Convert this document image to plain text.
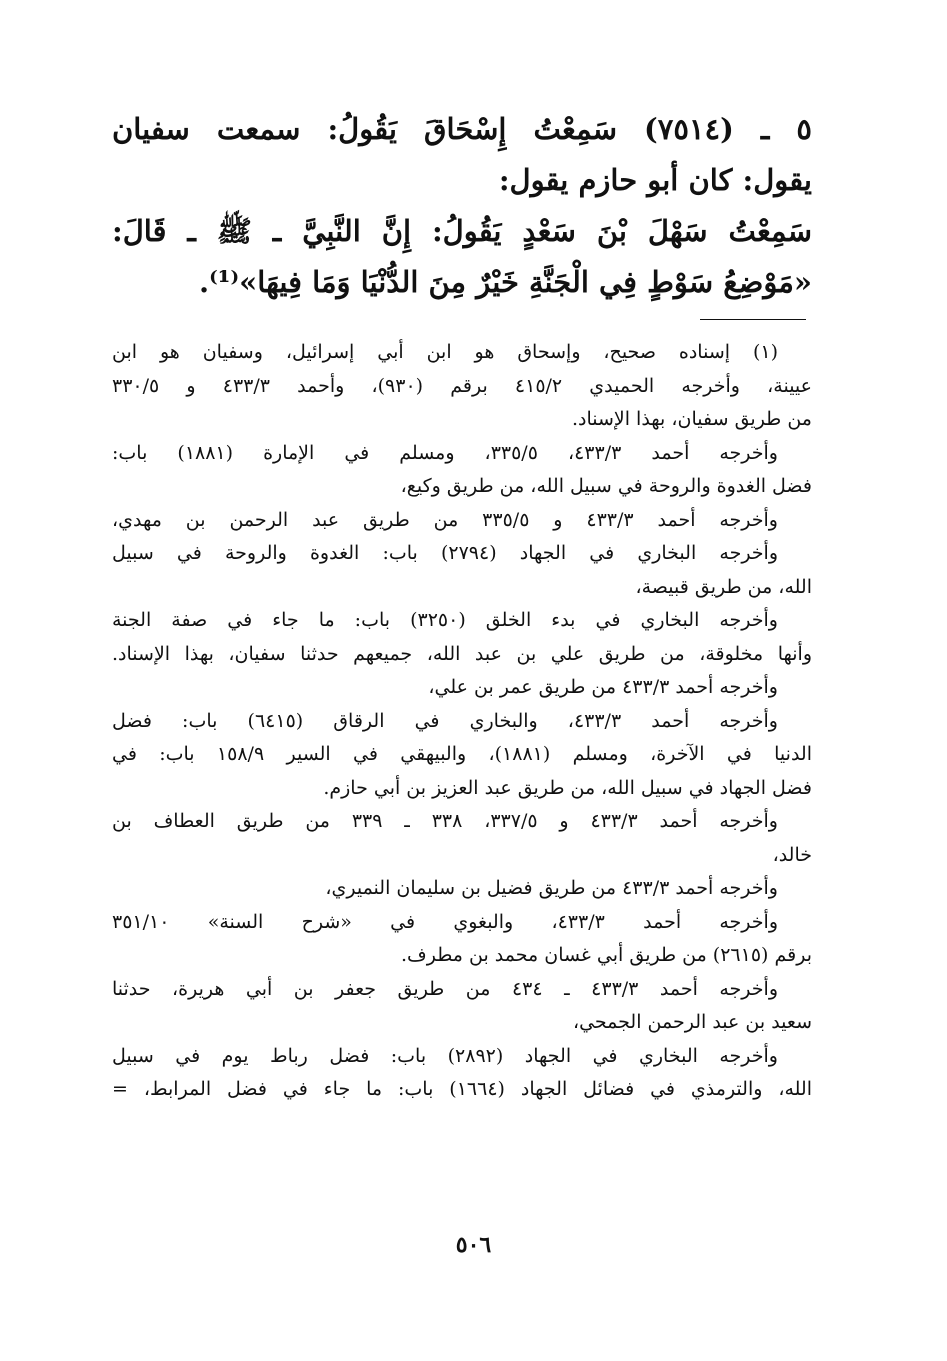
٥ ـ (٧٥١٤) سَمِعْتُ إِسْحَاقَ يَقُولُ: سمعت سفيان
يقول: كان أبو حازم يقول:
سَمِعْتُ سَهْلَ بْنَ سَعْدٍ يَقُولُ: إِنَّ النَّبِيَّ ـ ﷺ ـ قَالَ:
«مَوْضِعُ سَوْطٍ فِي الْجَنَّةِ خَيْرٌ مِنَ الدُّنْيَا وَمَا فِيهَا»⁽¹⁾.
(١) إسناده صحيح، وإسحاق هو ابن أبي إسرائيل، وسفيان هو ابن
عيينة، وأخرجه الحميدي ٤١٥/٢ برقم (٩٣٠)، وأحمد ٤٣٣/٣ و ٣٣٠/٥
من طريق سفيان، بهذا الإسناد.
وأخرجه أحمد ٤٣٣/٣، ٣٣٥/٥، ومسلم في الإمارة (١٨٨١) باب:
فضل الغدوة والروحة في سبيل الله، من طريق وكيع،
وأخرجه أحمد ٤٣٣/٣ و ٣٣٥/٥ من طريق عبد الرحمن بن مهدي،
وأخرجه البخاري في الجهاد (٢٧٩٤) باب: الغدوة والروحة في سبيل
الله، من طريق قبيصة،
وأخرجه البخاري في بدء الخلق (٣٢٥٠) باب: ما جاء في صفة الجنة
وأنها مخلوقة، من طريق علي بن عبد الله، جميعهم حدثنا سفيان، بهذا الإسناد.
وأخرجه أحمد ٤٣٣/٣ من طريق عمر بن علي،
وأخرجه أحمد ٤٣٣/٣، والبخاري في الرقاق (٦٤١٥) باب: فضل
الدنيا في الآخرة، ومسلم (١٨٨١)، والبيهقي في السير ١٥٨/٩ باب: في
فضل الجهاد في سبيل الله، من طريق عبد العزيز بن أبي حازم.
وأخرجه أحمد ٤٣٣/٣ و ٣٣٧/٥، ٣٣٨ ـ ٣٣٩ من طريق العطاف بن
خالد،
وأخرجه أحمد ٤٣٣/٣ من طريق فضيل بن سليمان النميري،
وأخرجه أحمد ٤٣٣/٣، والبغوي في «شرح السنة» ٣٥١/١٠
برقم (٢٦١٥) من طريق أبي غسان محمد بن مطرف.
وأخرجه أحمد ٤٣٣/٣ ـ ٤٣٤ من طريق جعفر بن أبي هريرة، حدثنا
سعيد بن عبد الرحمن الجمحي،
وأخرجه البخاري في الجهاد (٢٨٩٢) باب: فضل رباط يوم في سبيل
الله، والترمذي في فضائل الجهاد (١٦٦٤) باب: ما جاء في فضل المرابط، =
٥٠٦
